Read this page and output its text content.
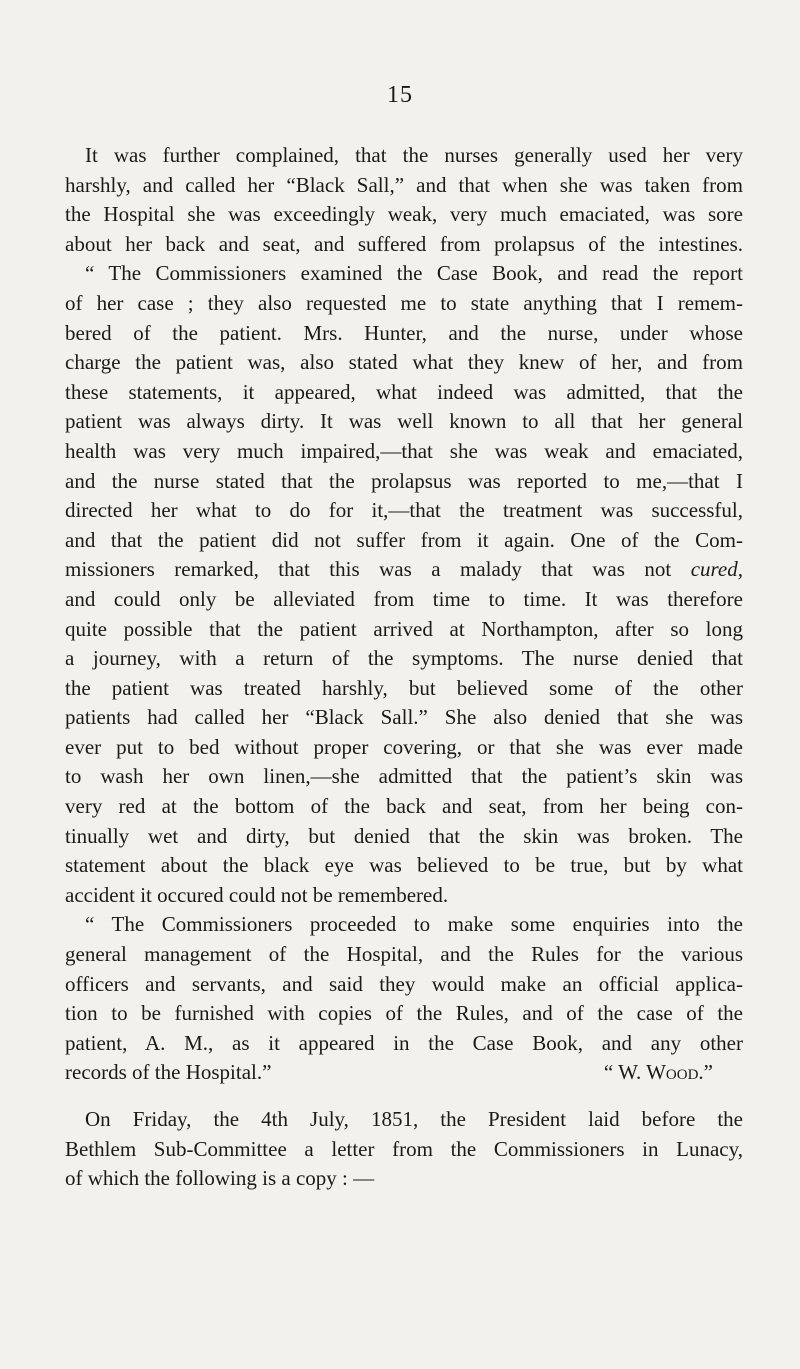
15
It was further complained, that the nurses generally used her very
harshly, and called her “Black Sall,” and that when she was taken from
the Hospital she was exceedingly weak, very much emaciated, was sore
about her back and seat, and suffered from prolapsus of the intestines.
“ The Commissioners examined the Case Book, and read the report
of her case ; they also requested me to state anything that I remem-
bered of the patient. Mrs. Hunter, and the nurse, under whose
charge the patient was, also stated what they knew of her, and from
these statements, it appeared, what indeed was admitted, that the
patient was always dirty. It was well known to all that her general
health was very much impaired,—that she was weak and emaciated,
and the nurse stated that the prolapsus was reported to me,—that I
directed her what to do for it,—that the treatment was successful,
and that the patient did not suffer from it again. One of the Com-
missioners remarked, that this was a malady that was not cured,
and could only be alleviated from time to time. It was therefore
quite possible that the patient arrived at Northampton, after so long
a journey, with a return of the symptoms. The nurse denied that
the patient was treated harshly, but believed some of the other
patients had called her “Black Sall.” She also denied that she was
ever put to bed without proper covering, or that she was ever made
to wash her own linen,—she admitted that the patient’s skin was
very red at the bottom of the back and seat, from her being con-
tinually wet and dirty, but denied that the skin was broken. The
statement about the black eye was believed to be true, but by what
accident it occured could not be remembered.
“ The Commissioners proceeded to make some enquiries into the
general management of the Hospital, and the Rules for the various
officers and servants, and said they would make an official applica-
tion to be furnished with copies of the Rules, and of the case of the
patient, A. M., as it appeared in the Case Book, and any other
records of the Hospital.”	“ W. Wood.”
On Friday, the 4th July, 1851, the President laid before the
Bethlem Sub-Committee a letter from the Commissioners in Lunacy,
of which the following is a copy : —
